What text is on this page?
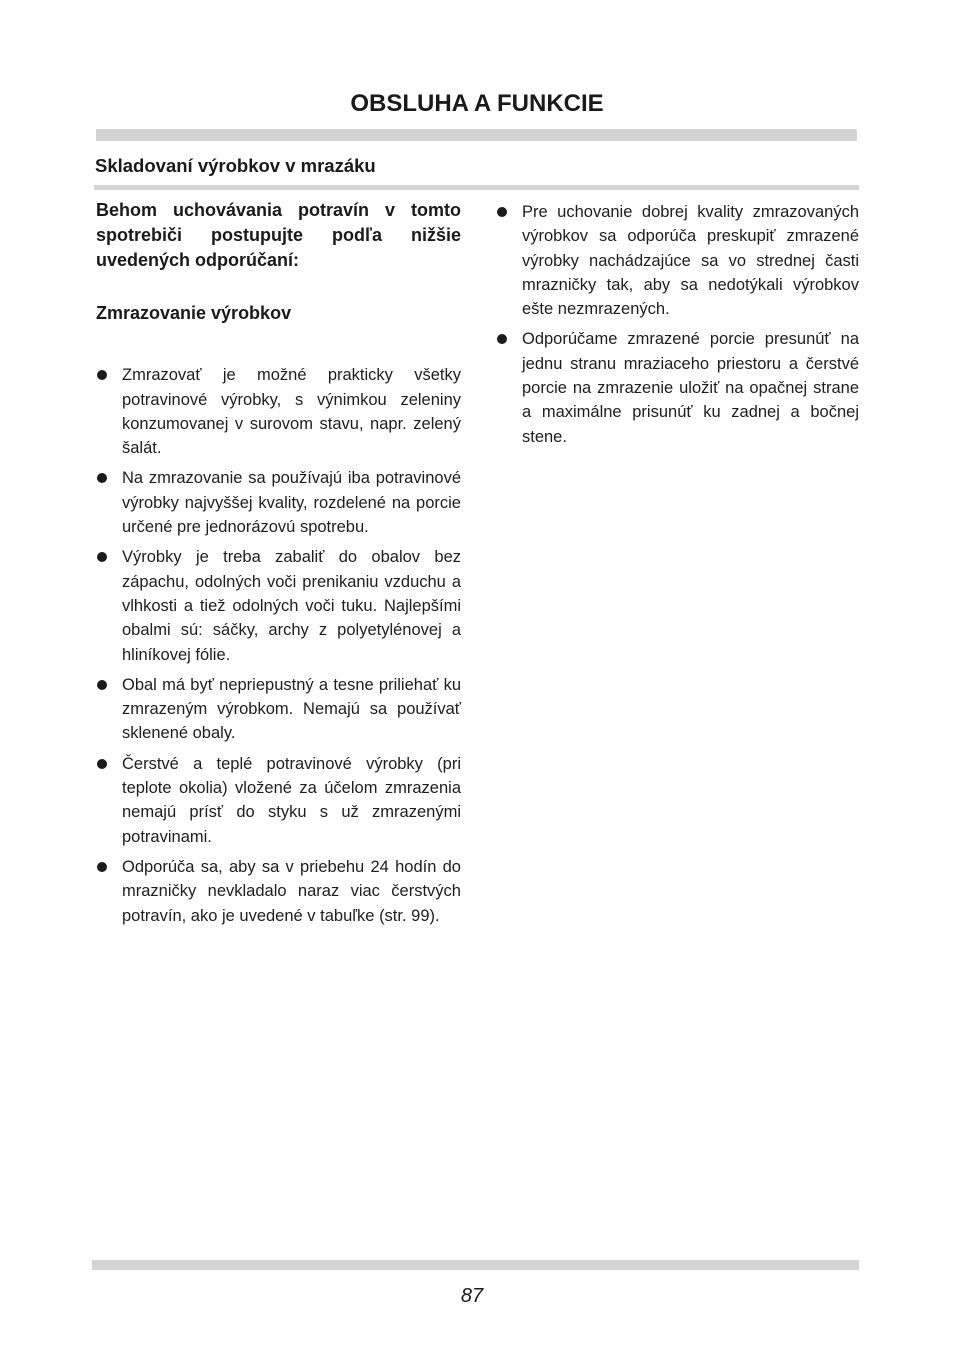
OBSLUHA A FUNKCIE
Skladovaní výrobkov v mrazáku

Behom uchovávania potravín v tomto spotrebiči postupujte podľa nižšie uvedených odporúčaní:

Zmrazovanie výrobkov
Zmrazovať je možné prakticky všetky potravinové výrobky, s výnimkou zeleniny konzumovanej v surovom stavu, napr. zelený šalát.
Na zmrazovanie sa používajú iba potravinové výrobky najvyššej kvality, rozdelené na porcie určené pre jednorázovú spotrebu.
Výrobky je treba zabaliť do obalov bez zápachu, odolných voči prenikaniu vzduchu a vlhkosti a tiež odolných voči tuku. Najlepšími obalmi sú: sáčky, archy z polyetylénovej a hliníkovej fólie.
Obal má byť nepriepustný a tesne priliehať ku zmrazeným výrobkom. Nemajú sa používať sklenené obaly.
Čerstvé a teplé potravinové výrobky (pri teplote okolia) vložené za účelom zmrazenia nemajú prísť do styku s už zmrazenými potravinami.
Odporúča sa, aby sa v priebehu 24 hodín do mrazničky nevkladalo naraz viac čerstvých potravín, ako je uvedené v tabuľke (str. 99).
Pre uchovanie dobrej kvality zmrazovaných výrobkov sa odporúča preskupiť zmrazené výrobky nachádzajúce sa vo strednej časti mrazničky tak, aby sa nedotýkali výrobkov ešte nezmrazených.
Odporúčame zmrazené porcie presunúť na jednu stranu mraziaceho priestoru a čerstvé porcie na zmrazenie uložiť na opačnej strane a maximálne prisunúť ku zadnej a bočnej stene.
87
